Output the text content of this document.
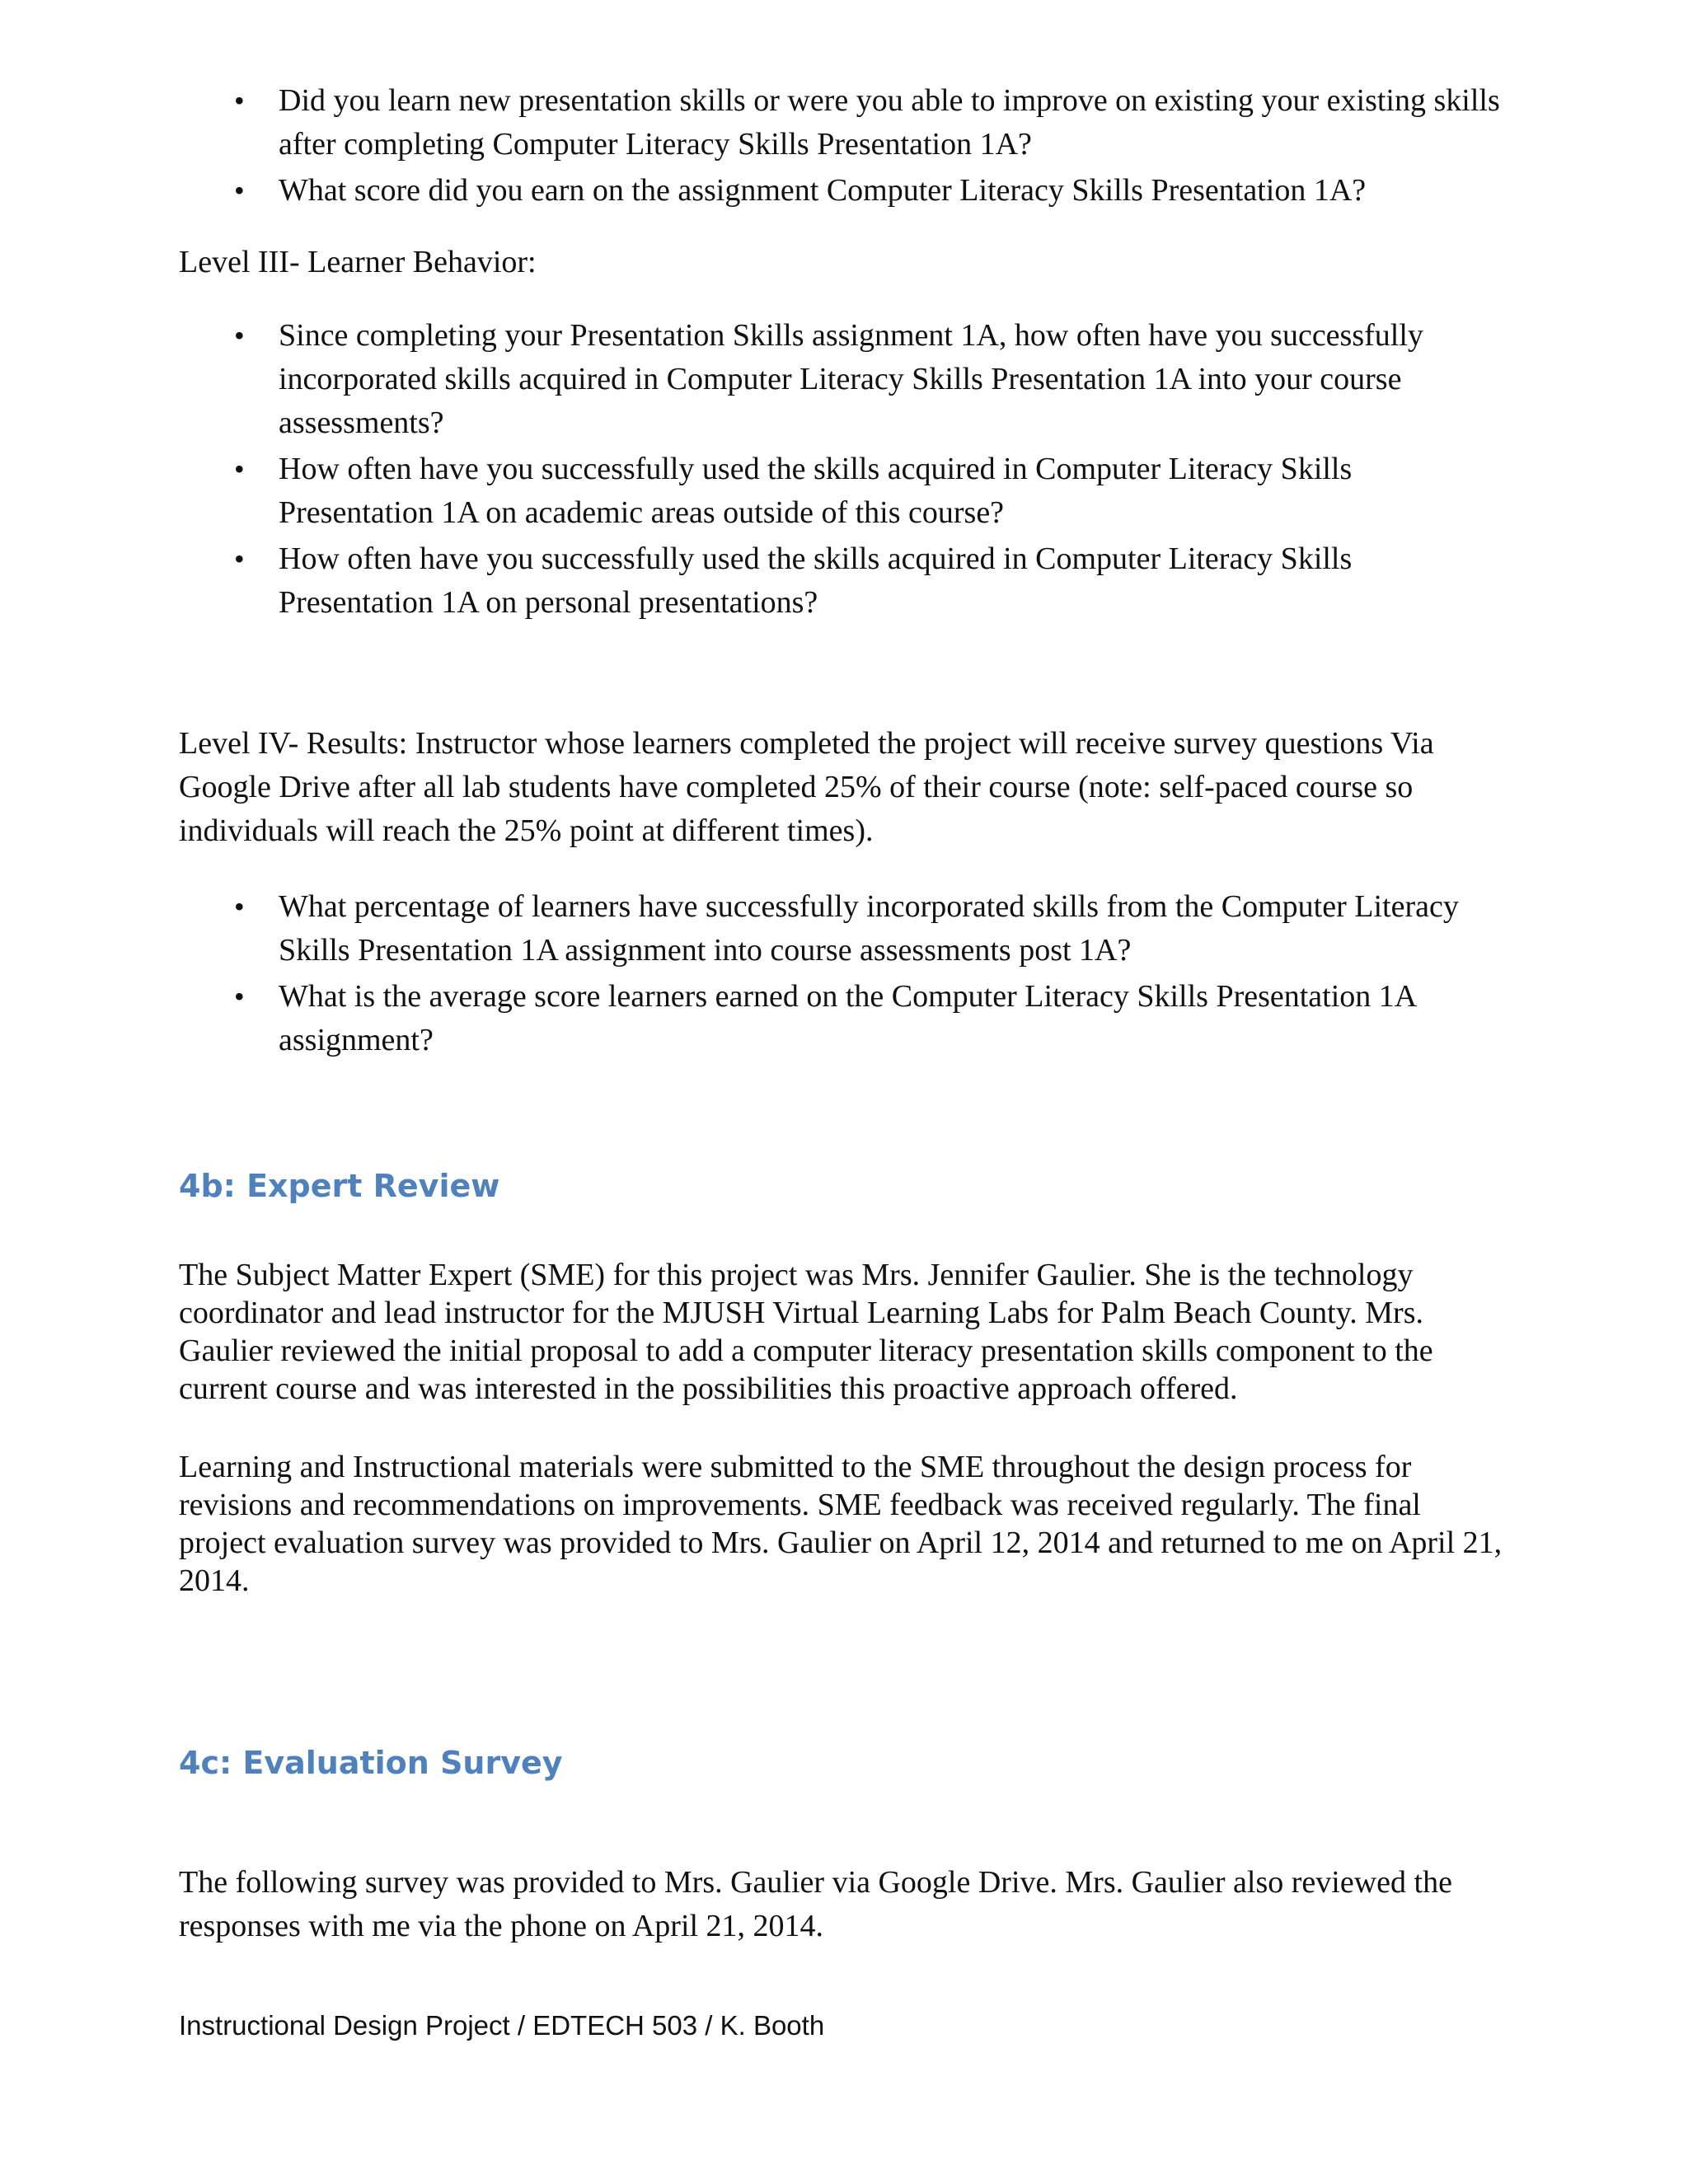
• Did you learn new presentation skills or were you able to improve on existing your existing skills after completing Computer Literacy Skills Presentation 1A?
• What score did you earn on the assignment Computer Literacy Skills Presentation 1A?

Level III- Learner Behavior:

• Since completing your Presentation Skills assignment 1A, how often have you successfully incorporated skills acquired in Computer Literacy Skills Presentation 1A into your course assessments?
• How often have you successfully used the skills acquired in Computer Literacy Skills Presentation 1A on academic areas outside of this course?
• How often have you successfully used the skills acquired in Computer Literacy Skills Presentation 1A on personal presentations?

Level IV- Results: Instructor whose learners completed the project will receive survey questions Via Google Drive after all lab students have completed 25% of their course (note: self-paced course so individuals will reach the 25% point at different times).

• What percentage of learners have successfully incorporated skills from the Computer Literacy Skills Presentation 1A assignment into course assessments post 1A?
• What is the average score learners earned on the Computer Literacy Skills Presentation 1A assignment?
4b: Expert Review

The Subject Matter Expert (SME) for this project was Mrs. Jennifer Gaulier. She is the technology coordinator and lead instructor for the MJUSH Virtual Learning Labs for Palm Beach County. Mrs. Gaulier reviewed the initial proposal to add a computer literacy presentation skills component to the current course and was interested in the possibilities this proactive approach offered.

Learning and Instructional materials were submitted to the SME throughout the design process for revisions and recommendations on improvements. SME feedback was received regularly. The final project evaluation survey was provided to Mrs. Gaulier on April 12, 2014 and returned to me on April 21, 2014.

4c: Evaluation Survey

The following survey was provided to Mrs. Gaulier via Google Drive. Mrs. Gaulier also reviewed the responses with me via the phone on April 21, 2014.

Instructional Design Project / EDTECH 503 / K. Booth
